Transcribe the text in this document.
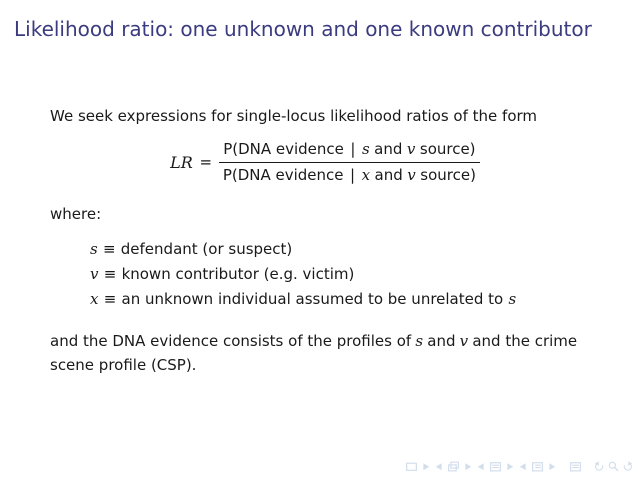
Likelihood ratio: one unknown and one known contributor

We seek expressions for single-locus likelihood ratios of the form

LR =
P(DNA evidence | s and v source)
P(DNA evidence | x and v source)

where:

s ≡ defendant (or suspect)
v ≡ known contributor (e.g. victim)
x ≡ an unknown individual assumed to be unrelated to s

and the DNA evidence consists of the profiles of s and v and the crime scene profile (CSP).
